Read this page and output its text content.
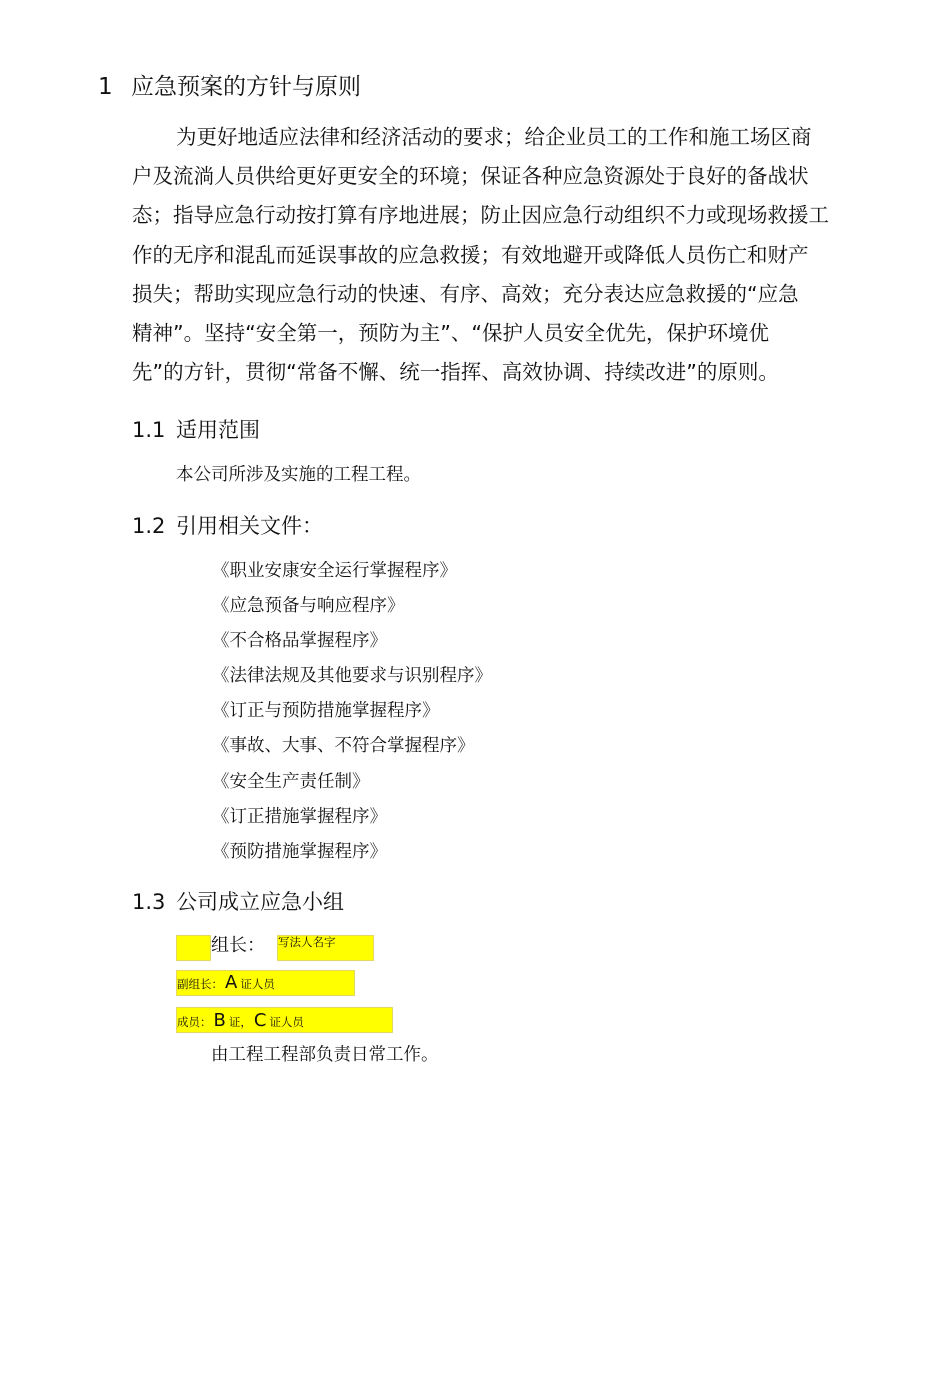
1 应急预案的方针与原则
为更好地适应法律和经济活动的要求；给企业员工的工作和施工场区商
户及流淌人员供给更好更安全的环境；保证各种应急资源处于良好的备战状
态；指导应急行动按打算有序地进展；防止因应急行动组织不力或现场救援工
作的无序和混乱而延误事故的应急救援；有效地避开或降低人员伤亡和财产
损失；帮助实现应急行动的快速、有序、高效；充分表达应急救援的“应急
精神”。坚持“安全第一，预防为主”、“保护人员安全优先，保护环境优
先”的方针，贯彻“常备不懈、统一指挥、高效协调、持续改进”的原则。
1.1 适用范围
本公司所涉及实施的工程工程。
1.2 引用相关文件：
《职业安康安全运行掌握程序》
《应急预备与响应程序》
《不合格品掌握程序》
《法律法规及其他要求与识别程序》
《订正与预防措施掌握程序》
《事故、大事、不符合掌握程序》
《安全生产责任制》
《订正措施掌握程序》
《预防措施掌握程序》
1.3 公司成立应急小组
组长： 写法人名字
副组长： A 证人员
成员： B 证， C 证人员
由工程工程部负责日常工作。
